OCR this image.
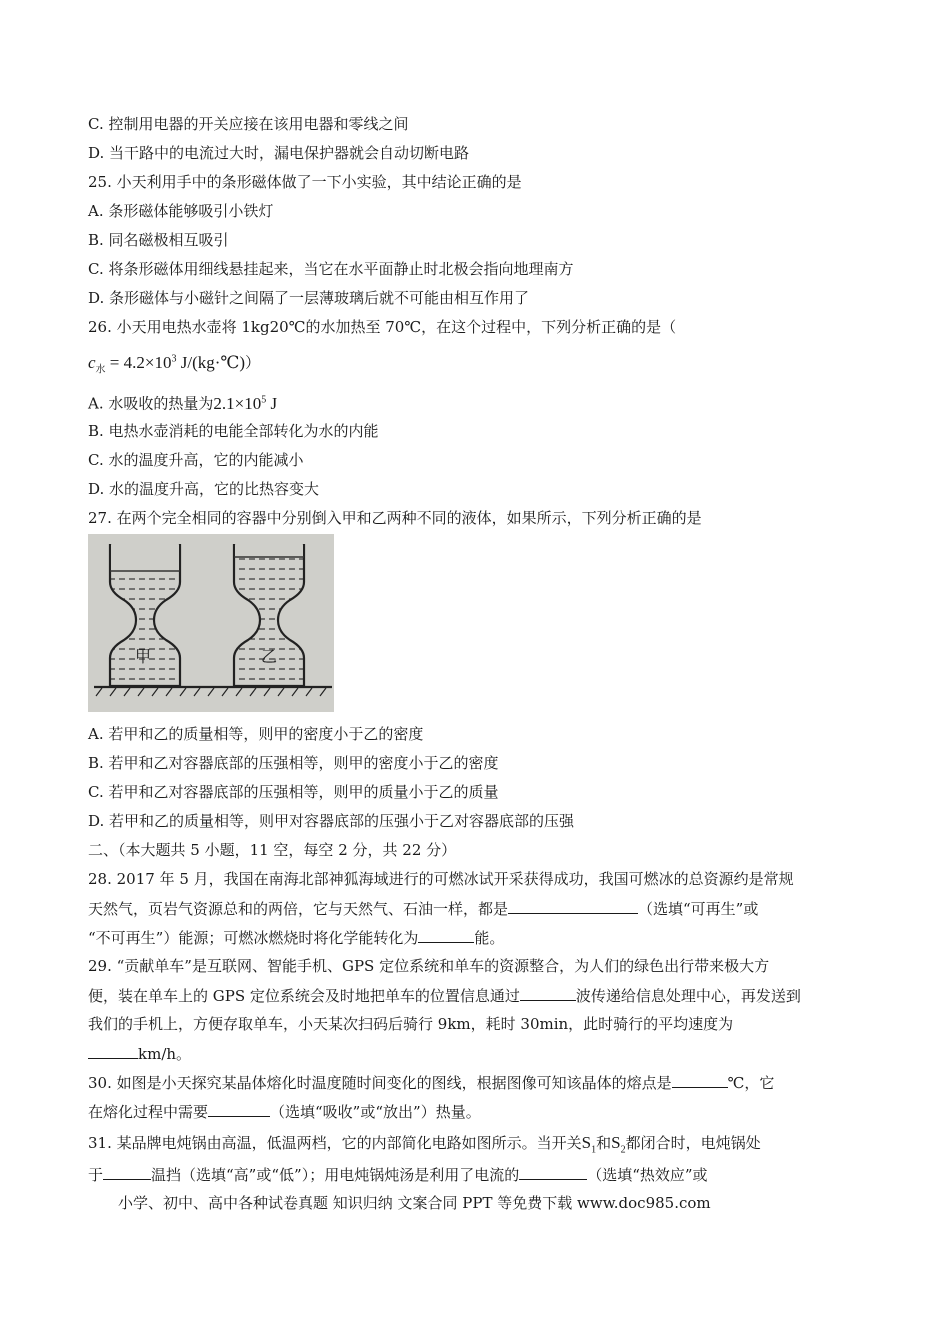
C. 控制用电器的开关应接在该用电器和零线之间
D. 当干路中的电流过大时，漏电保护器就会自动切断电路
25. 小天利用手中的条形磁体做了一下小实验，其中结论正确的是
A. 条形磁体能够吸引小铁灯
B. 同名磁极相互吸引
C. 将条形磁体用细线悬挂起来，当它在水平面静止时北极会指向地理南方
D. 条形磁体与小磁针之间隔了一层薄玻璃后就不可能由相互作用了
26. 小天用电热水壶将 1kg20℃的水加热至 70℃，在这个过程中，下列分析正确的是（
$c_水 = 4.2\times 10^3$ J/(kg·℃)）
A. 水吸收的热量为$2.1\times 10^5$ J
B. 电热水壶消耗的电能全部转化为水的内能
C. 水的温度升高，它的内能减小
D. 水的温度升高，它的比热容变大
27. 在两个完全相同的容器中分别倒入甲和乙两种不同的液体，如果所示，下列分析正确的是
甲	乙
A. 若甲和乙的质量相等，则甲的密度小于乙的密度
B. 若甲和乙对容器底部的压强相等，则甲的密度小于乙的密度
C. 若甲和乙对容器底部的压强相等，则甲的质量小于乙的质量
D. 若甲和乙的质量相等，则甲对容器底部的压强小于乙对容器底部的压强
二、（本大题共 5 小题，11 空，每空 2 分，共 22 分）
28. 2017 年 5 月，我国在南海北部神狐海域进行的可燃冰试开采获得成功，我国可燃冰的总资源约是常规
天然气，页岩气资源总和的两倍，它与天然气、石油一样，都是	（选填“可再生”或
“不可再生”）能源；可燃冰燃烧时将化学能转化为	能。
29. “贡献单车”是互联网、智能手机、GPS 定位系统和单车的资源整合，为人们的绿色出行带来极大方
便，装在单车上的 GPS 定位系统会及时地把单车的位置信息通过	波传递给信息处理中心，再发送到
我们的手机上，方便存取单车，小天某次扫码后骑行 9km，耗时 30min，此时骑行的平均速度为
km/h。
30. 如图是小天探究某晶体熔化时温度随时间变化的图线，根据图像可知该晶体的熔点是	℃，它
在熔化过程中需要	（选填“吸收”或“放出”）热量。
31. 某品牌电炖锅由高温，低温两档，它的内部简化电路如图所示。当开关$S_1$和$S_2$都闭合时，电炖锅处
于	温挡（选填“高”或“低”）；用电炖锅炖汤是利用了电流的	（选填“热效应”或
小学、初中、高中各种试卷真题 知识归纳 文案合同 PPT 等免费下载 www.doc985.com
